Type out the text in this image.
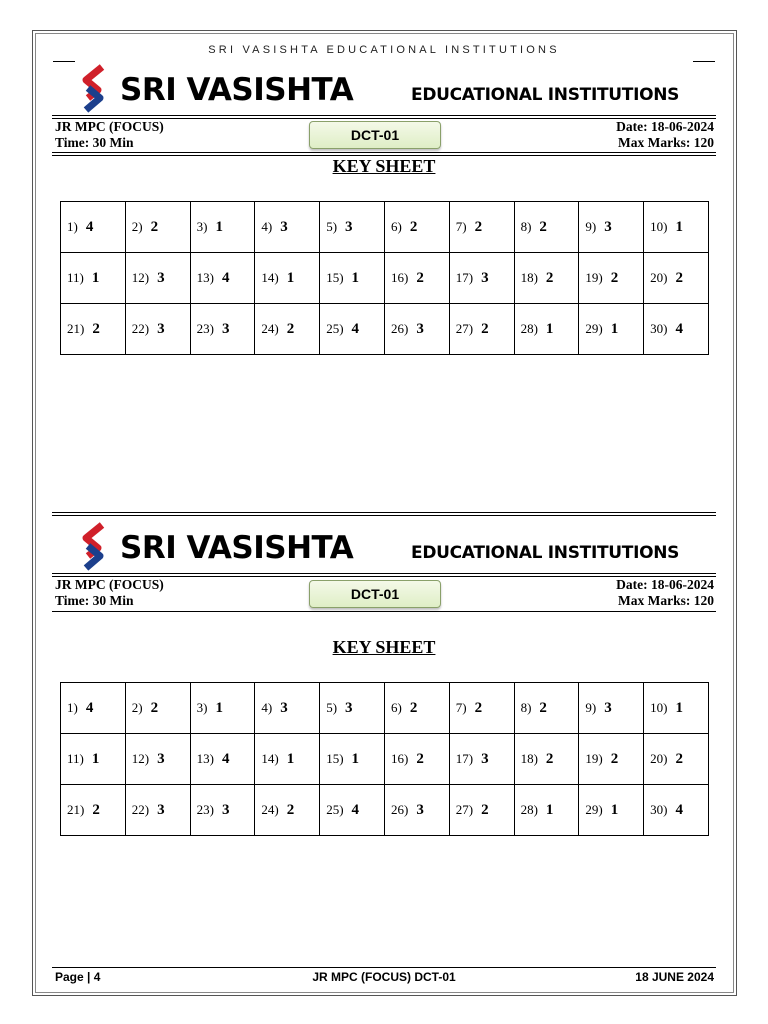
SRI VASISHTA EDUCATIONAL INSTITUTIONS
SRI VASISHTA	EDUCATIONAL INSTITUTIONS
JR MPC (FOCUS)
Time: 30 Min	DCT-01
Date: 18-06-2024
Max Marks: 120
KEY SHEET
1) 4	2) 2	3) 1	4) 3	5) 3	6) 2	7) 2	8) 2	9) 3	10) 1
11) 1	12) 3	13) 4	14) 1	15) 1	16) 2	17) 3	18) 2	19) 2	20) 2
21) 2	22) 3	23) 3	24) 2	25) 4	26) 3	27) 2	28) 1	29) 1	30) 4
SRI VASISHTA	EDUCATIONAL INSTITUTIONS
JR MPC (FOCUS)
Time: 30 Min	DCT-01
Date: 18-06-2024
Max Marks: 120
KEY SHEET
1) 4	2) 2	3) 1	4) 3	5) 3	6) 2	7) 2	8) 2	9) 3	10) 1
11) 1	12) 3	13) 4	14) 1	15) 1	16) 2	17) 3	18) 2	19) 2	20) 2
21) 2	22) 3	23) 3	24) 2	25) 4	26) 3	27) 2	28) 1	29) 1	30) 4
Page | 4	JR MPC (FOCUS) DCT-01	18 JUNE 2024
